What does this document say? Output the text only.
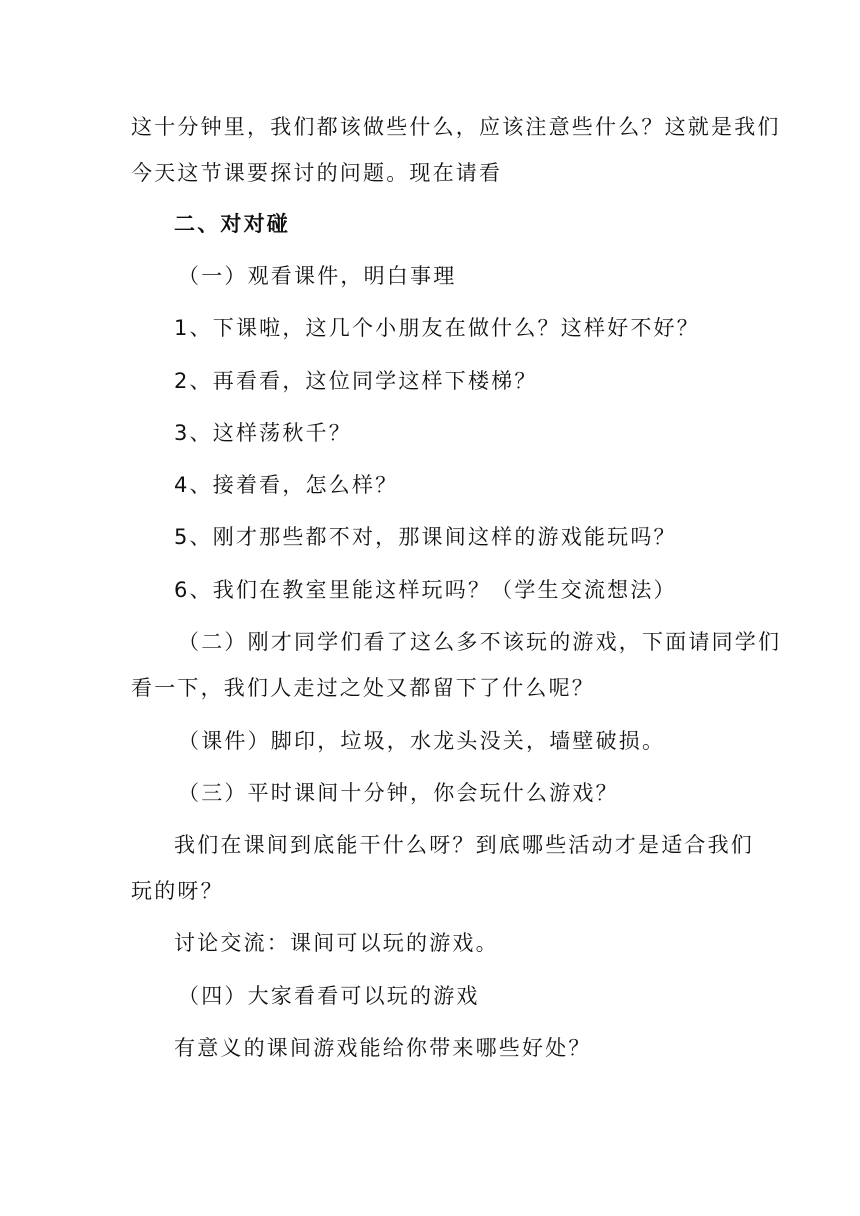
这十分钟里，我们都该做些什么，应该注意些什么？这就是我们
今天这节课要探讨的问题。现在请看
二、对对碰
（一）观看课件，明白事理
1、下课啦，这几个小朋友在做什么？这样好不好？
2、再看看，这位同学这样下楼梯？
3、这样荡秋千？
4、接着看，怎么样？
5、刚才那些都不对，那课间这样的游戏能玩吗？
6、我们在教室里能这样玩吗？（学生交流想法）
（二）刚才同学们看了这么多不该玩的游戏，下面请同学们
看一下，我们人走过之处又都留下了什么呢？
（课件）脚印，垃圾，水龙头没关，墙壁破损。
（三）平时课间十分钟，你会玩什么游戏？
我们在课间到底能干什么呀？到底哪些活动才是适合我们
玩的呀？
讨论交流：课间可以玩的游戏。
（四）大家看看可以玩的游戏
有意义的课间游戏能给你带来哪些好处？
